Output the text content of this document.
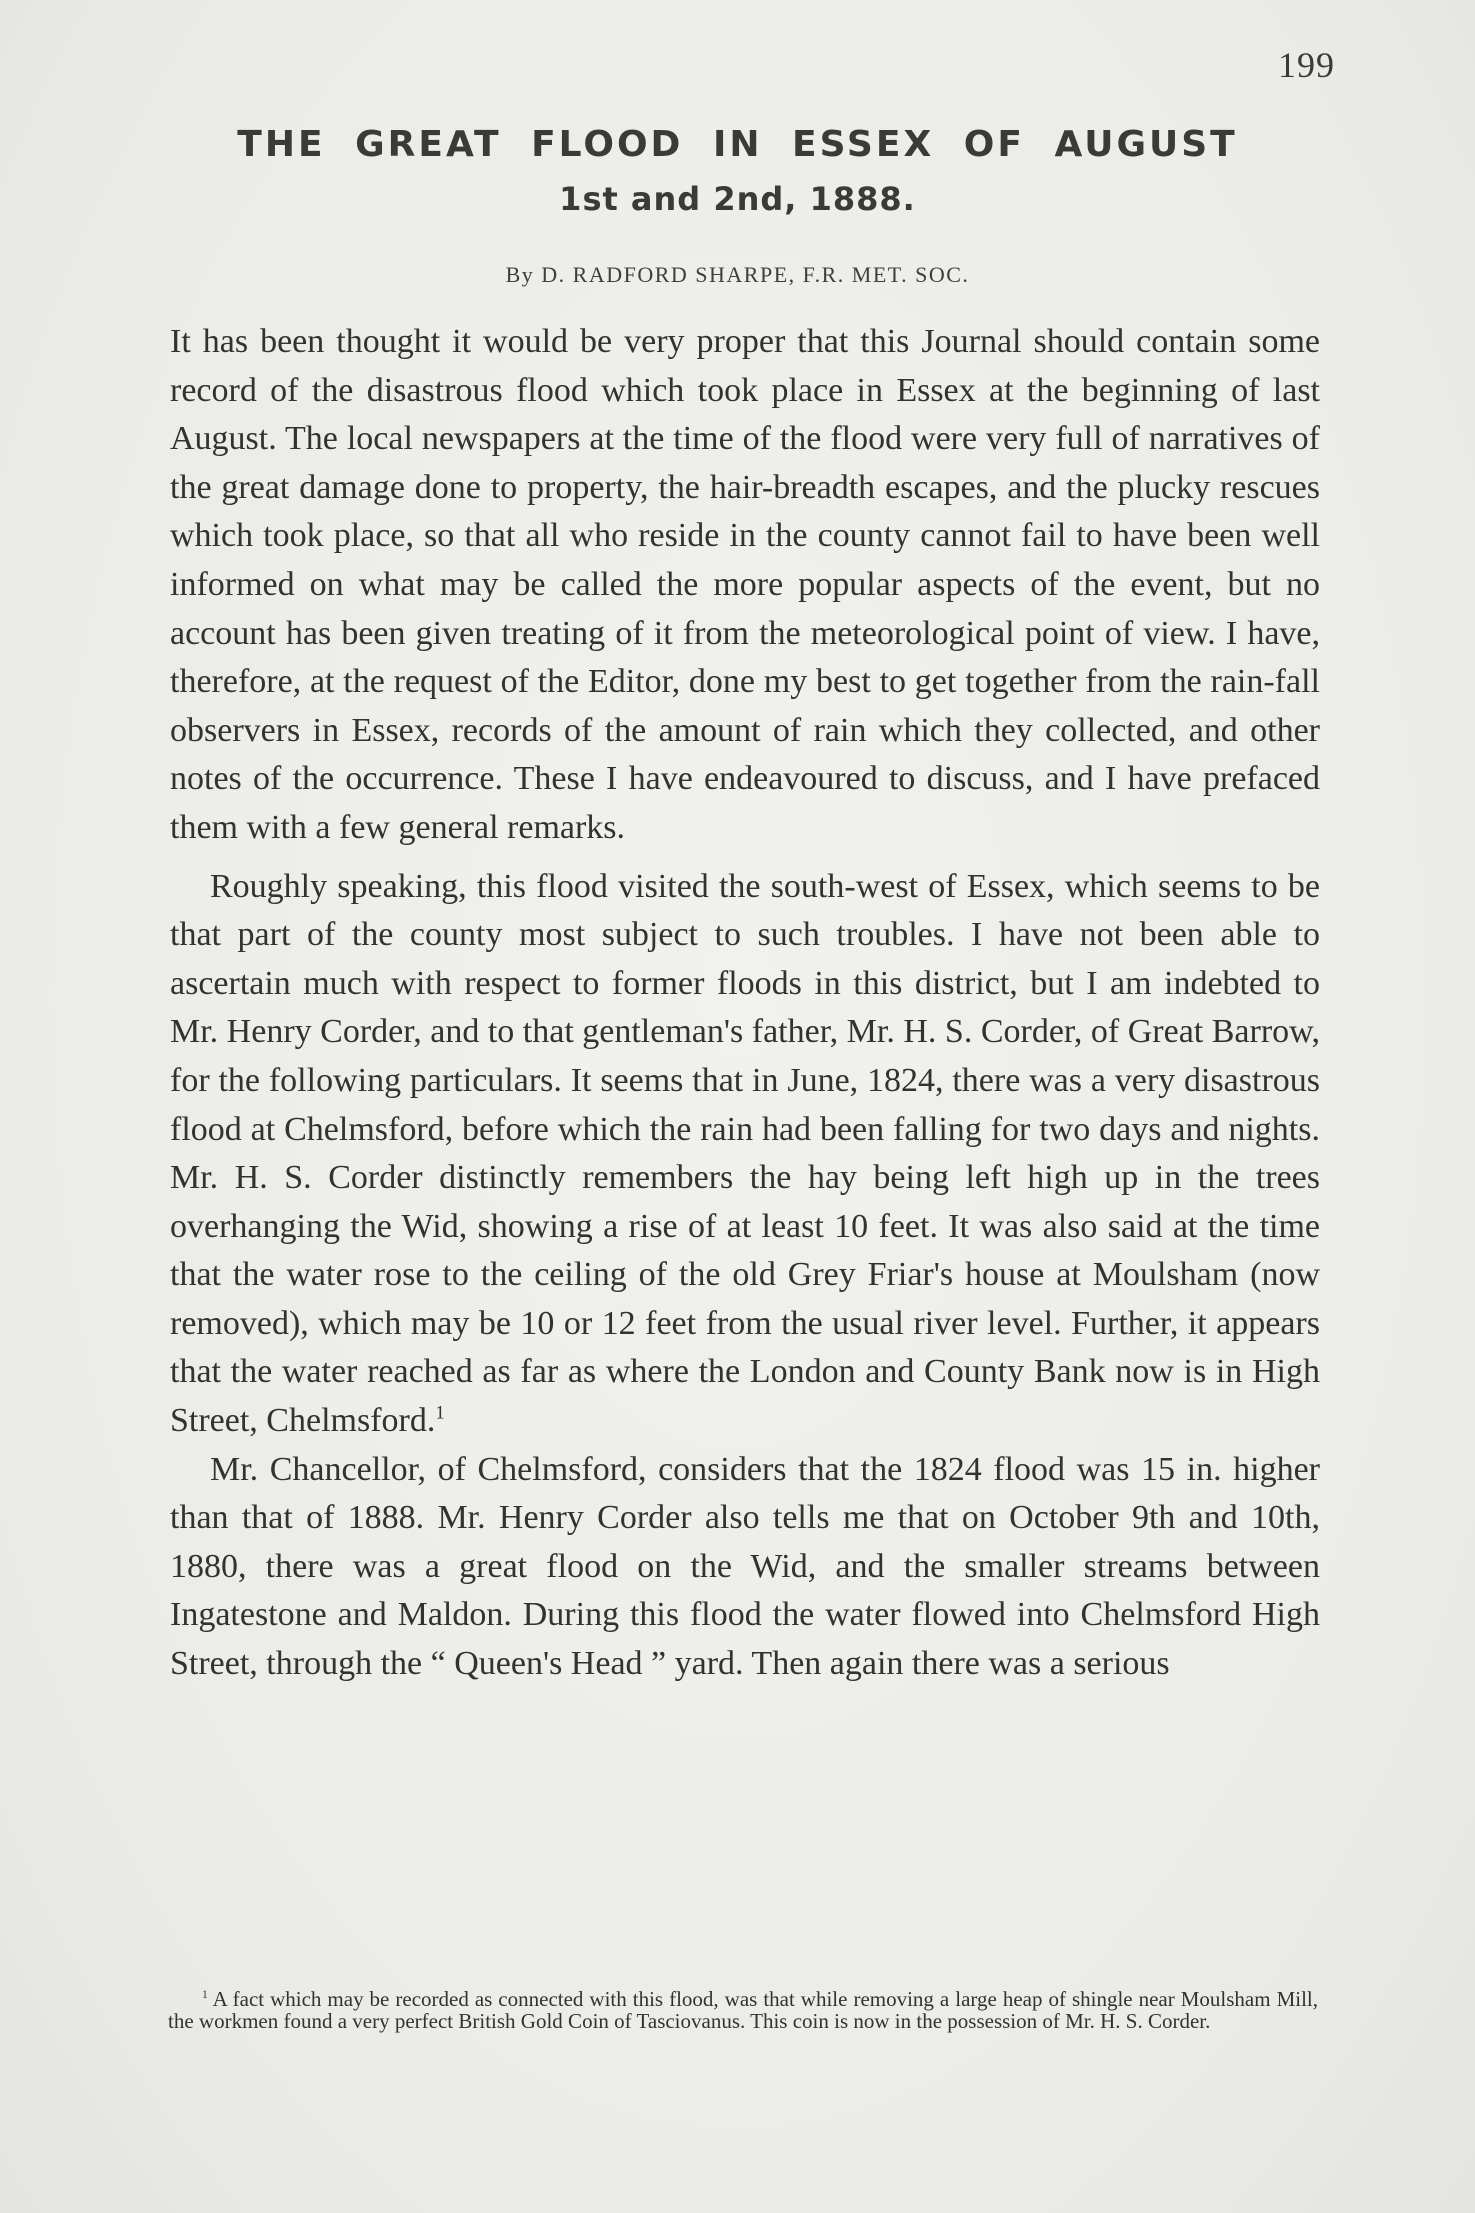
199
THE GREAT FLOOD IN ESSEX OF AUGUST
1st and 2nd, 1888.
By D. RADFORD SHARPE, F.R. MET. SOC.

It has been thought it would be very proper that this Journal should contain some record of the disastrous flood which took place in Essex at the beginning of last August. The local newspapers at the time of the flood were very full of narratives of the great damage done to property, the hair-breadth escapes, and the plucky rescues which took place, so that all who reside in the county cannot fail to have been well informed on what may be called the more popular aspects of the event, but no account has been given treating of it from the meteorological point of view. I have, therefore, at the request of the Editor, done my best to get together from the rain-fall observers in Essex, records of the amount of rain which they collected, and other notes of the occurrence. These I have endeavoured to discuss, and I have prefaced them with a few general remarks.

Roughly speaking, this flood visited the south-west of Essex, which seems to be that part of the county most subject to such troubles. I have not been able to ascertain much with respect to former floods in this district, but I am indebted to Mr. Henry Corder, and to that gentleman's father, Mr. H. S. Corder, of Great Barrow, for the following particulars. It seems that in June, 1824, there was a very disastrous flood at Chelmsford, before which the rain had been falling for two days and nights. Mr. H. S. Corder distinctly remembers the hay being left high up in the trees overhanging the Wid, showing a rise of at least 10 feet. It was also said at the time that the water rose to the ceiling of the old Grey Friar's house at Moulsham (now removed), which may be 10 or 12 feet from the usual river level. Further, it appears that the water reached as far as where the London and County Bank now is in High Street, Chelmsford.$^1$

Mr. Chancellor, of Chelmsford, considers that the 1824 flood was 15 in. higher than that of 1888. Mr. Henry Corder also tells me that on October 9th and 10th, 1880, there was a great flood on the Wid, and the smaller streams between Ingatestone and Maldon. During this flood the water flowed into Chelmsford High Street, through the “ Queen's Head ” yard. Then again there was a serious

$^1$ A fact which may be recorded as connected with this flood, was that while removing a large heap of shingle near Moulsham Mill, the workmen found a very perfect British Gold Coin of Tasciovanus. This coin is now in the possession of Mr. H. S. Corder.
